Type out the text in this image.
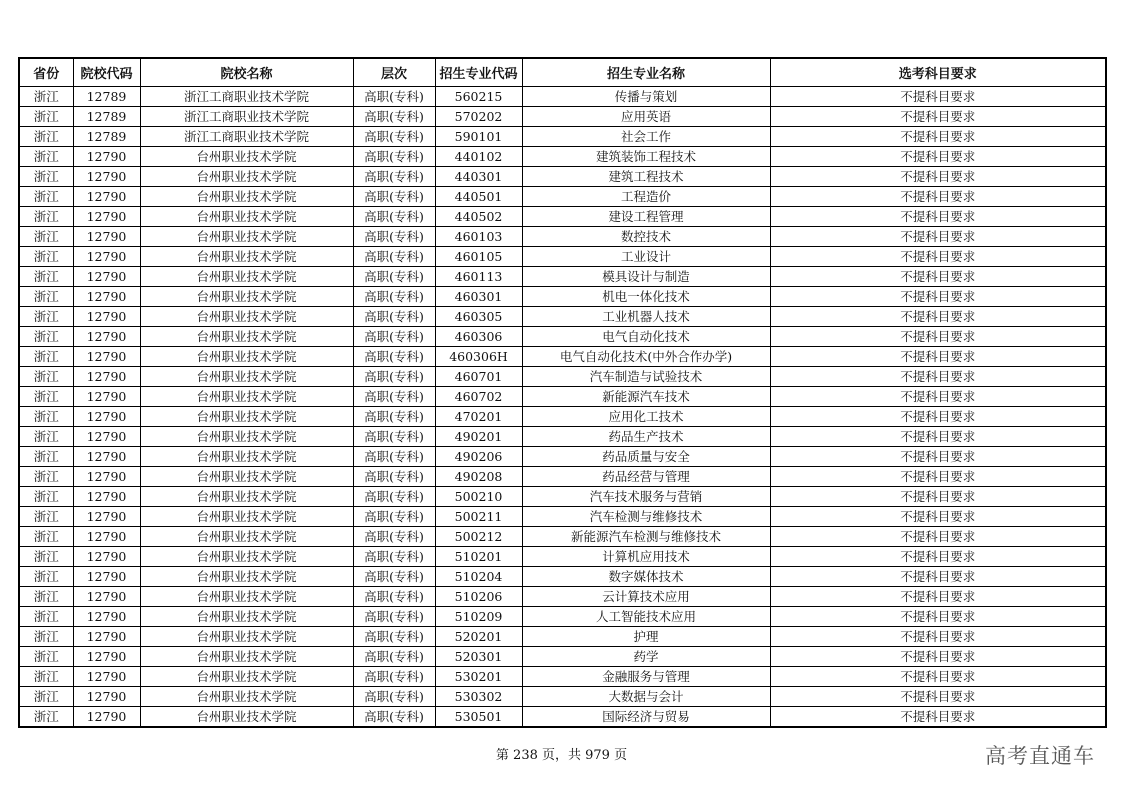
省份	院校代码	院校名称	层次	招生专业代码	招生专业名称	选考科目要求
浙江	12789	浙江工商职业技术学院	高职(专科)	560215	传播与策划	不提科目要求
浙江	12789	浙江工商职业技术学院	高职(专科)	570202	应用英语	不提科目要求
浙江	12789	浙江工商职业技术学院	高职(专科)	590101	社会工作	不提科目要求
浙江	12790	台州职业技术学院	高职(专科)	440102	建筑装饰工程技术	不提科目要求
浙江	12790	台州职业技术学院	高职(专科)	440301	建筑工程技术	不提科目要求
浙江	12790	台州职业技术学院	高职(专科)	440501	工程造价	不提科目要求
浙江	12790	台州职业技术学院	高职(专科)	440502	建设工程管理	不提科目要求
浙江	12790	台州职业技术学院	高职(专科)	460103	数控技术	不提科目要求
浙江	12790	台州职业技术学院	高职(专科)	460105	工业设计	不提科目要求
浙江	12790	台州职业技术学院	高职(专科)	460113	模具设计与制造	不提科目要求
浙江	12790	台州职业技术学院	高职(专科)	460301	机电一体化技术	不提科目要求
浙江	12790	台州职业技术学院	高职(专科)	460305	工业机器人技术	不提科目要求
浙江	12790	台州职业技术学院	高职(专科)	460306	电气自动化技术	不提科目要求
浙江	12790	台州职业技术学院	高职(专科)	460306H	电气自动化技术(中外合作办学)	不提科目要求
浙江	12790	台州职业技术学院	高职(专科)	460701	汽车制造与试验技术	不提科目要求
浙江	12790	台州职业技术学院	高职(专科)	460702	新能源汽车技术	不提科目要求
浙江	12790	台州职业技术学院	高职(专科)	470201	应用化工技术	不提科目要求
浙江	12790	台州职业技术学院	高职(专科)	490201	药品生产技术	不提科目要求
浙江	12790	台州职业技术学院	高职(专科)	490206	药品质量与安全	不提科目要求
浙江	12790	台州职业技术学院	高职(专科)	490208	药品经营与管理	不提科目要求
浙江	12790	台州职业技术学院	高职(专科)	500210	汽车技术服务与营销	不提科目要求
浙江	12790	台州职业技术学院	高职(专科)	500211	汽车检测与维修技术	不提科目要求
浙江	12790	台州职业技术学院	高职(专科)	500212	新能源汽车检测与维修技术	不提科目要求
浙江	12790	台州职业技术学院	高职(专科)	510201	计算机应用技术	不提科目要求
浙江	12790	台州职业技术学院	高职(专科)	510204	数字媒体技术	不提科目要求
浙江	12790	台州职业技术学院	高职(专科)	510206	云计算技术应用	不提科目要求
浙江	12790	台州职业技术学院	高职(专科)	510209	人工智能技术应用	不提科目要求
浙江	12790	台州职业技术学院	高职(专科)	520201	护理	不提科目要求
浙江	12790	台州职业技术学院	高职(专科)	520301	药学	不提科目要求
浙江	12790	台州职业技术学院	高职(专科)	530201	金融服务与管理	不提科目要求
浙江	12790	台州职业技术学院	高职(专科)	530302	大数据与会计	不提科目要求
浙江	12790	台州职业技术学院	高职(专科)	530501	国际经济与贸易	不提科目要求
第 238 页，共 979 页	高考直通车
